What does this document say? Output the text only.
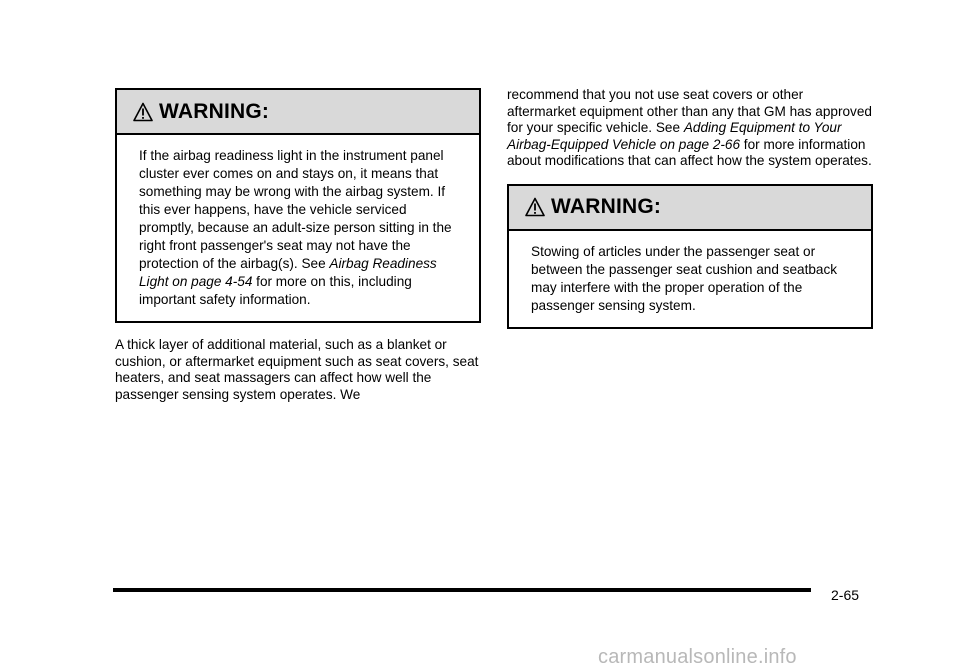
WARNING:
If the airbag readiness light in the instrument panel cluster ever comes on and stays on, it means that something may be wrong with the airbag system. If this ever happens, have the vehicle serviced promptly, because an adult-size person sitting in the right front passenger's seat may not have the protection of the airbag(s). See Airbag Readiness Light on page 4-54 for more on this, including important safety information.
A thick layer of additional material, such as a blanket or cushion, or aftermarket equipment such as seat covers, seat heaters, and seat massagers can affect how well the passenger sensing system operates. We
recommend that you not use seat covers or other aftermarket equipment other than any that GM has approved for your specific vehicle. See Adding Equipment to Your Airbag-Equipped Vehicle on page 2-66 for more information about modifications that can affect how the system operates.
WARNING:
Stowing of articles under the passenger seat or between the passenger seat cushion and seatback may interfere with the proper operation of the passenger sensing system.
2-65
carmanualsonline.info
